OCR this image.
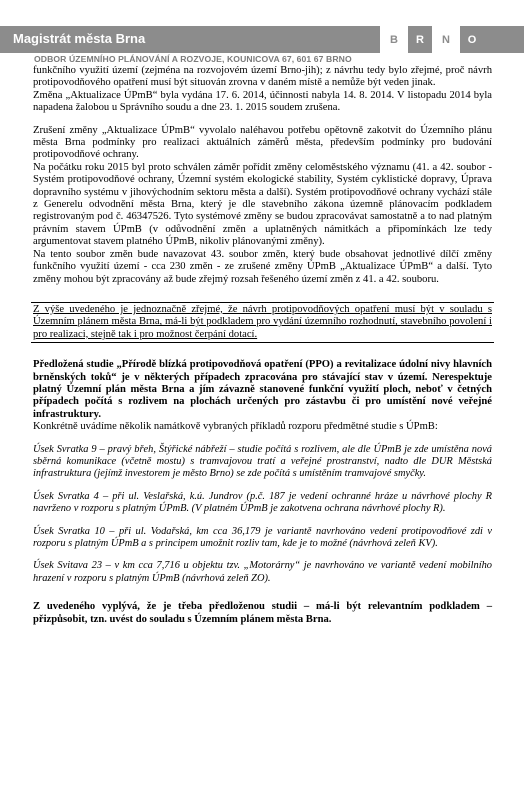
Magistrát města Brna	B	R	N	O
ODBOR ÚZEMNÍHO PLÁNOVÁNÍ A ROZVOJE, KOUNICOVA 67, 601 67 BRNO

funkčního využití území (zejména na rozvojovém území Brno-jih); z návrhu tedy bylo zřejmé, proč návrh protipovodňového opatření musí být situován zrovna v daném místě a nemůže být veden jinak.

Změna „Aktualizace ÚPmB“ byla vydána 17. 6. 2014, účinnosti nabyla 14. 8. 2014. V listopadu 2014 byla napadena žalobou u Správního soudu a dne 23. 1. 2015 soudem zrušena.

Zrušení změny „Aktualizace ÚPmB“ vyvolalo naléhavou potřebu opětovně zakotvit do Územního plánu města Brna podmínky pro realizaci aktuálních záměrů města, především podmínky pro budování protipovodňové ochrany.

Na počátku roku 2015 byl proto schválen záměr pořídit změny celoměstského významu (41. a 42. soubor - Systém protipovodňové ochrany, Územní systém ekologické stability, Systém cyklistické dopravy, Úprava dopravního systému v jihovýchodním sektoru města a další). Systém protipovodňové ochrany vychází stále z Generelu odvodnění města Brna, který je dle stavebního zákona územně plánovacím podkladem registrovaným pod č. 46347526. Tyto systémové změny se budou zpracovávat samostatně a to nad platným právním stavem ÚPmB (v odůvodnění změn a uplatněných námitkách a připomínkách lze tedy argumentovat stavem platného ÚPmB, nikoliv plánovanými změny).

Na tento soubor změn bude navazovat 43. soubor změn, který bude obsahovat jednotlivé dílčí změny funkčního využití území - cca 230 změn - ze zrušené změny ÚPmB „Aktualizace ÚPmB“ a další. Tyto změny mohou být zpracovány až bude zřejmý rozsah řešeného území změn z 41. a 42. souboru.

Z výše uvedeného je jednoznačně zřejmé, že návrh protipovodňových opatření musí být v souladu s Územním plánem města Brna, má-li být podkladem pro vydání územního rozhodnutí, stavebního povolení i pro realizaci, stejně tak i pro možnost čerpání dotací.

Předložená studie „Přírodě blízká protipovodňová opatření (PPO) a revitalizace údolní nivy hlavních brněnských toků“ je v některých případech zpracována pro stávající stav v území. Nerespektuje platný Územní plán města Brna a jím závazně stanovené funkční využití ploch, neboť v četných případech počítá s rozlivem na plochách určených pro zástavbu či pro umístění nové veřejné infrastruktury.

Konkrétně uvádíme několik namátkově vybraných příkladů rozporu předmětné studie s ÚPmB:

Úsek Svratka 9 – pravý břeh, Štýřické nábřeží – studie počítá s rozlivem, ale dle ÚPmB je zde umístěna nová sběrná komunikace (včetně mostu) s tramvajovou tratí a veřejné prostranství, nadto dle DUR Městská infrastruktura (jejímž investorem je město Brno) se zde počítá s umístěním tramvajové smyčky.

Úsek Svratka 4 – při ul. Veslařská, k.ú. Jundrov (p.č. 187 je vedení ochranné hráze u návrhové plochy R navrženo v rozporu s platným ÚPmB. (V platném ÚPmB je zakotvena ochrana návrhové plochy R).

Úsek Svratka 10 – při ul. Vodařská, km cca 36,179 je variantě navrhováno vedení protipovodňové zdi v rozporu s platným ÚPmB a s principem umožnit rozliv tam, kde je to možné (návrhová zeleň KV).

Úsek Svitava 23 – v km cca 7,716 u objektu tzv. „Motorárny“ je navrhováno ve variantě vedení mobilního hrazení v rozporu s platným ÚPmB (návrhová zeleň ZO).

Z uvedeného vyplývá, že je třeba předloženou studii – má-li být relevantním podkladem – přizpůsobit, tzn. uvést do souladu s Územním plánem města Brna.
